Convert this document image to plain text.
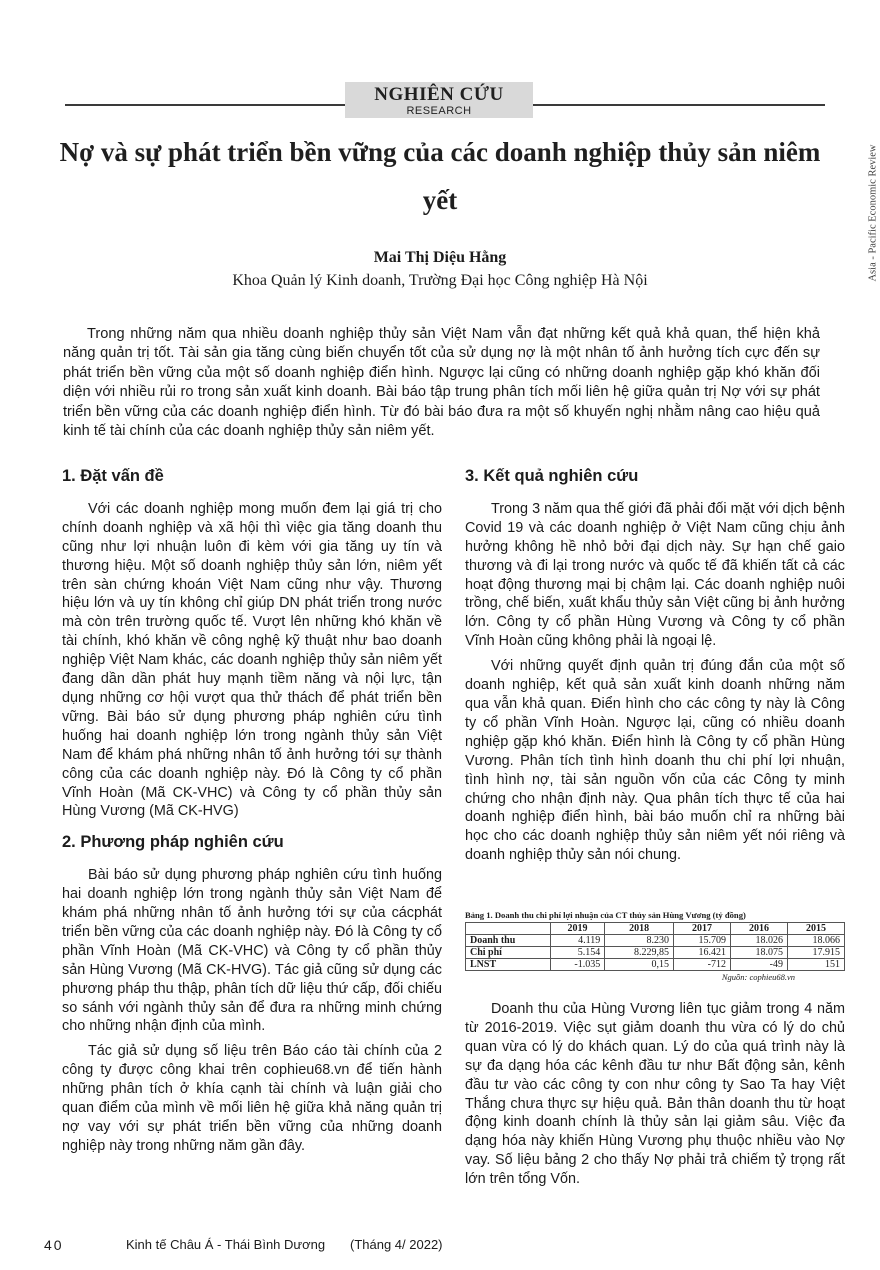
NGHIÊN CỨU
RESEARCH
Asia - Pacific Economic Review
Nợ và sự phát triển bền vững của các doanh nghiệp thủy sản niêm yết
Mai Thị Diệu Hằng
Khoa Quản lý Kinh doanh, Trường Đại học Công nghiệp Hà Nội

Trong những năm qua nhiều doanh nghiệp thủy sản Việt Nam vẫn đạt những kết quả khả quan, thể hiện khả năng quản trị tốt. Tài sản gia tăng cùng biến chuyển tốt của sử dụng nợ là một nhân tố ảnh hưởng tích cực đến sự phát triển bền vững của một số doanh nghiệp điển hình. Ngược lại cũng có những doanh nghiệp gặp khó khăn đối diện với nhiều rủi ro trong sản xuất kinh doanh. Bài báo tập trung phân tích mối liên hệ giữa quản trị Nợ với sự phát triển bền vững của các doanh nghiệp điển hình. Từ đó bài báo đưa ra một số khuyến nghị nhằm nâng cao hiệu quả kinh tế tài chính của các doanh nghiệp thủy sản niêm yết.

1. Đặt vấn đề

Với các doanh nghiệp mong muốn đem lại giá trị cho chính doanh nghiệp và xã hội thì việc gia tăng doanh thu cũng như lợi nhuận luôn đi kèm với gia tăng uy tín và thương hiệu. Một số doanh nghiệp thủy sản lớn, niêm yết trên sàn chứng khoán Việt Nam cũng như vậy. Thương hiệu lớn và uy tín không chỉ giúp DN phát triển trong nước mà còn trên trường quốc tế. Vượt lên những khó khăn về tài chính, khó khăn về công nghệ kỹ thuật như bao doanh nghiệp Việt Nam khác, các doanh nghiệp thủy sản niêm yết đang dần dần phát huy mạnh tiềm năng và nội lực, tận dụng những cơ hội vượt qua thử thách để phát triển bền vững. Bài báo sử dụng phương pháp nghiên cứu tình huống hai doanh nghiệp lớn trong ngành thủy sản Việt Nam để khám phá những nhân tố ảnh hưởng tới sự thành công của các doanh nghiệp này. Đó là Công ty cổ phần Vĩnh Hoàn (Mã CK-VHC) và Công ty cổ phần thủy sản Hùng Vương (Mã CK-HVG)

2. Phương pháp nghiên cứu

Bài báo sử dụng phương pháp nghiên cứu tình huống hai doanh nghiệp lớn trong ngành thủy sản Việt Nam để khám phá những nhân tố ảnh hưởng tới sự của cácphát triển bền vững của các doanh nghiệp này. Đó là Công ty cổ phần Vĩnh Hoàn (Mã CK-VHC) và Công ty cổ phần thủy sản Hùng Vương (Mã CK-HVG). Tác giả cũng sử dụng các phương pháp thu thập, phân tích dữ liệu thứ cấp, đối chiếu so sánh với ngành thủy sản để đưa ra những minh chứng cho những nhận định của mình.

Tác giả sử dụng số liệu trên Báo cáo tài chính của 2 công ty được công khai trên cophieu68.vn để tiến hành những phân tích ở khía cạnh tài chính và luận giải cho quan điểm của mình về mối liên hệ giữa khả năng quản trị nợ vay với sự phát triển bền vững của những doanh nghiệp này trong những năm gần đây.

3. Kết quả nghiên cứu

Trong 3 năm qua thế giới đã phải đối mặt với dịch bệnh Covid 19 và các doanh nghiệp ở Việt Nam cũng chịu ảnh hưởng không hề nhỏ bởi đại dịch này. Sự hạn chế gaio thương và đi lại trong nước và quốc tế đã khiến tất cả các hoạt động thương mại bị chậm lại. Các doanh nghiệp nuôi trồng, chế biến, xuất khẩu thủy sản Việt cũng bị ảnh hưởng lớn. Công ty cổ phần Hùng Vương và Công ty cổ phần Vĩnh Hoàn cũng không phải là ngoại lệ.

Với những quyết định quản trị đúng đắn của một số doanh nghiệp, kết quả sản xuất kinh doanh những năm qua vẫn khả quan. Điển hình cho các công ty này là Công ty cổ phần Vĩnh Hoàn. Ngược lại, cũng có nhiều doanh nghiệp gặp khó khăn. Điển hình là Công ty cổ phần Hùng Vương. Phân tích tình hình doanh thu chi phí lợi nhuận, tình hình nợ, tài sản nguồn vốn của các Công ty minh chứng cho nhận định này. Qua phân tích thực tế của hai doanh nghiệp điển hình, bài báo muốn chỉ ra những bài học cho các doanh nghiệp thủy sản niêm yết nói riêng và doanh nghiệp thủy sản nói chung.

Bảng 1. Doanh thu chi phí lợi nhuận của CT thủy sản Hùng Vương (tỷ đồng)
	2019	2018	2017	2016	2015
Doanh thu	4.119	8.230	15.709	18.026	18.066
Chi phí	5.154	8.229,85	16.421	18.075	17.915
LNST	-1.035	0,15	-712	-49	151
Nguồn: cophieu68.vn

Doanh thu của Hùng Vương liên tục giảm trong 4 năm từ 2016-2019. Việc sụt giảm doanh thu vừa có lý do chủ quan vừa có lý do khách quan. Lý do của quá trình này là sự đa dạng hóa các kênh đầu tư như Bất động sản, kênh đầu tư vào các công ty con như công ty Sao Ta hay Việt Thắng chưa thực sự hiệu quả. Bản thân doanh thu từ hoạt động kinh doanh chính là thủy sản lại giảm sâu. Việc đa dạng hóa này khiến Hùng Vương phụ thuộc nhiều vào Nợ vay. Số liệu bảng 2 cho thấy Nợ phải trả chiếm tỷ trọng rất lớn trên tổng Vốn.

40	Kinh tế Châu Á - Thái Bình Dương (Tháng 4/ 2022)
